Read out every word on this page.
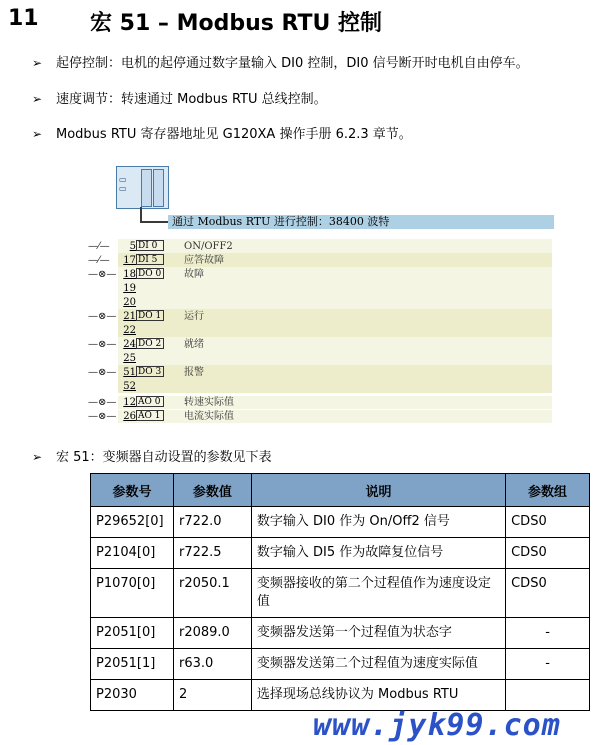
11 宏 51 – Modbus RTU 控制
➢ 起停控制：电机的起停通过数字量输入 DI0 控制，DI0 信号断开时电机自由停车。
➢ 速度调节：转速通过 Modbus RTU 总线控制。
➢ Modbus RTU 寄存器地址见 G120XA 操作手册 6.2.3 章节。
▭
▭
通过 Modbus RTU 进行控制：38400 波特
—⁄—	5 DI 0	ON/OFF2
—⁄—	17 DI 5	应答故障
—⊗— 18 DO 0 故障
19
20
—⊗— 21 DO 1 运行
22
—⊗— 24 DO 2 就绪
25
—⊗— 51 DO 3 报警
52
—⊗— 12 AO 0	转速实际值
—⊗— 26 AO 1	电流实际值
➢ 宏 51：变频器自动设置的参数见下表
参数号	参数值	说明	参数组
P29652[0]	r722.0	数字输入 DI0 作为 On/Off2 信号	CDS0
P2104[0]	r722.5	数字输入 DI5 作为故障复位信号	CDS0
P1070[0]	r2050.1	变频器接收的第二个过程值作为速度设定值	CDS0
P2051[0]	r2089.0	变频器发送第一个过程值为状态字	-
P2051[1]	r63.0	变频器发送第二个过程值为速度实际值	-
P2030	2	选择现场总线协议为 Modbus RTU	
www.jyk99.com
